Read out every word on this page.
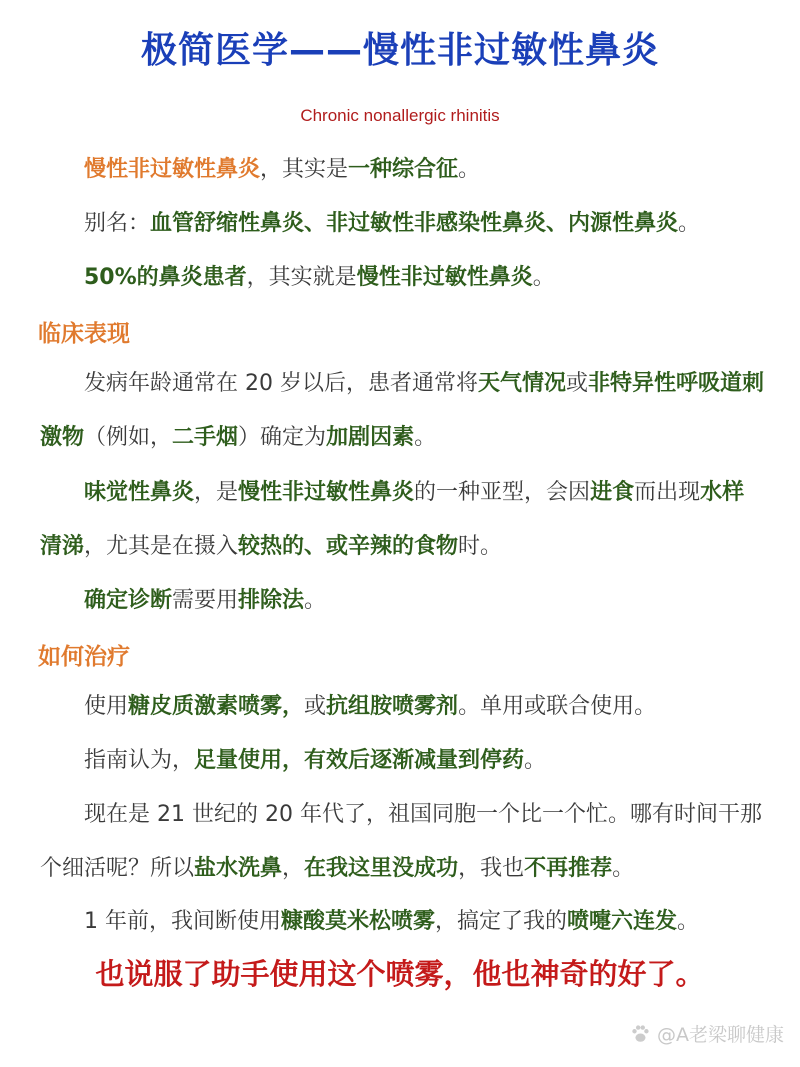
极简医学——慢性非过敏性鼻炎
Chronic nonallergic rhinitis
慢性非过敏性鼻炎，其实是一种综合征。
别名：血管舒缩性鼻炎、非过敏性非感染性鼻炎、内源性鼻炎。
50%的鼻炎患者，其实就是慢性非过敏性鼻炎。
临床表现
发病年龄通常在 20 岁以后，患者通常将天气情况或非特异性呼吸道刺激物（例如，二手烟）确定为加剧因素。
味觉性鼻炎，是慢性非过敏性鼻炎的一种亚型，会因进食而出现水样清涕，尤其是在摄入较热的、或辛辣的食物时。
确定诊断需要用排除法。
如何治疗
使用糖皮质激素喷雾，或抗组胺喷雾剂。单用或联合使用。
指南认为，足量使用，有效后逐渐减量到停药。
现在是 21 世纪的 20 年代了，祖国同胞一个比一个忙。哪有时间干那个细活呢？所以盐水洗鼻，在我这里没成功，我也不再推荐。
1 年前，我间断使用糠酸莫米松喷雾，搞定了我的喷嚏六连发。
也说服了助手使用这个喷雾，他也神奇的好了。
@A老梁聊健康
